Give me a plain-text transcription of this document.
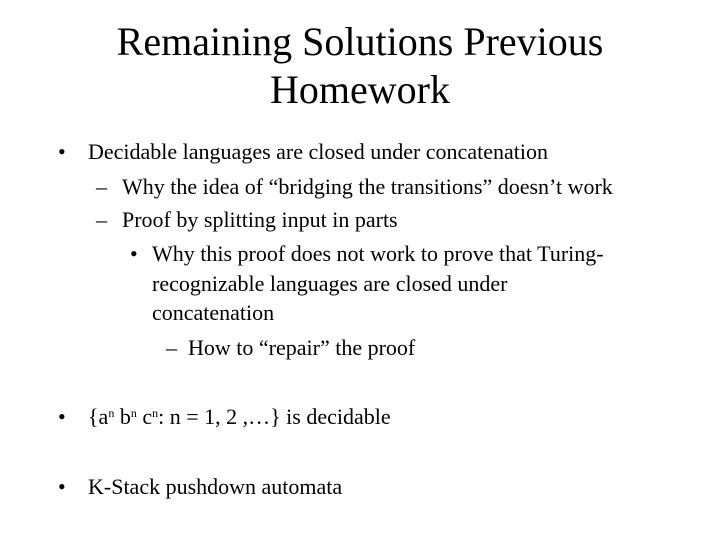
Remaining Solutions Previous
Homework
• Decidable languages are closed under concatenation
– Why the idea of “bridging the transitions” doesn’t work
– Proof by splitting input in parts
• Why this proof does not work to prove that Turing-
recognizable languages are closed under
concatenation
– How to “repair” the proof
• {$a^n$ $b^n$ $c^n$: n = 1, 2 ,…} is decidable
• K-Stack pushdown automata
